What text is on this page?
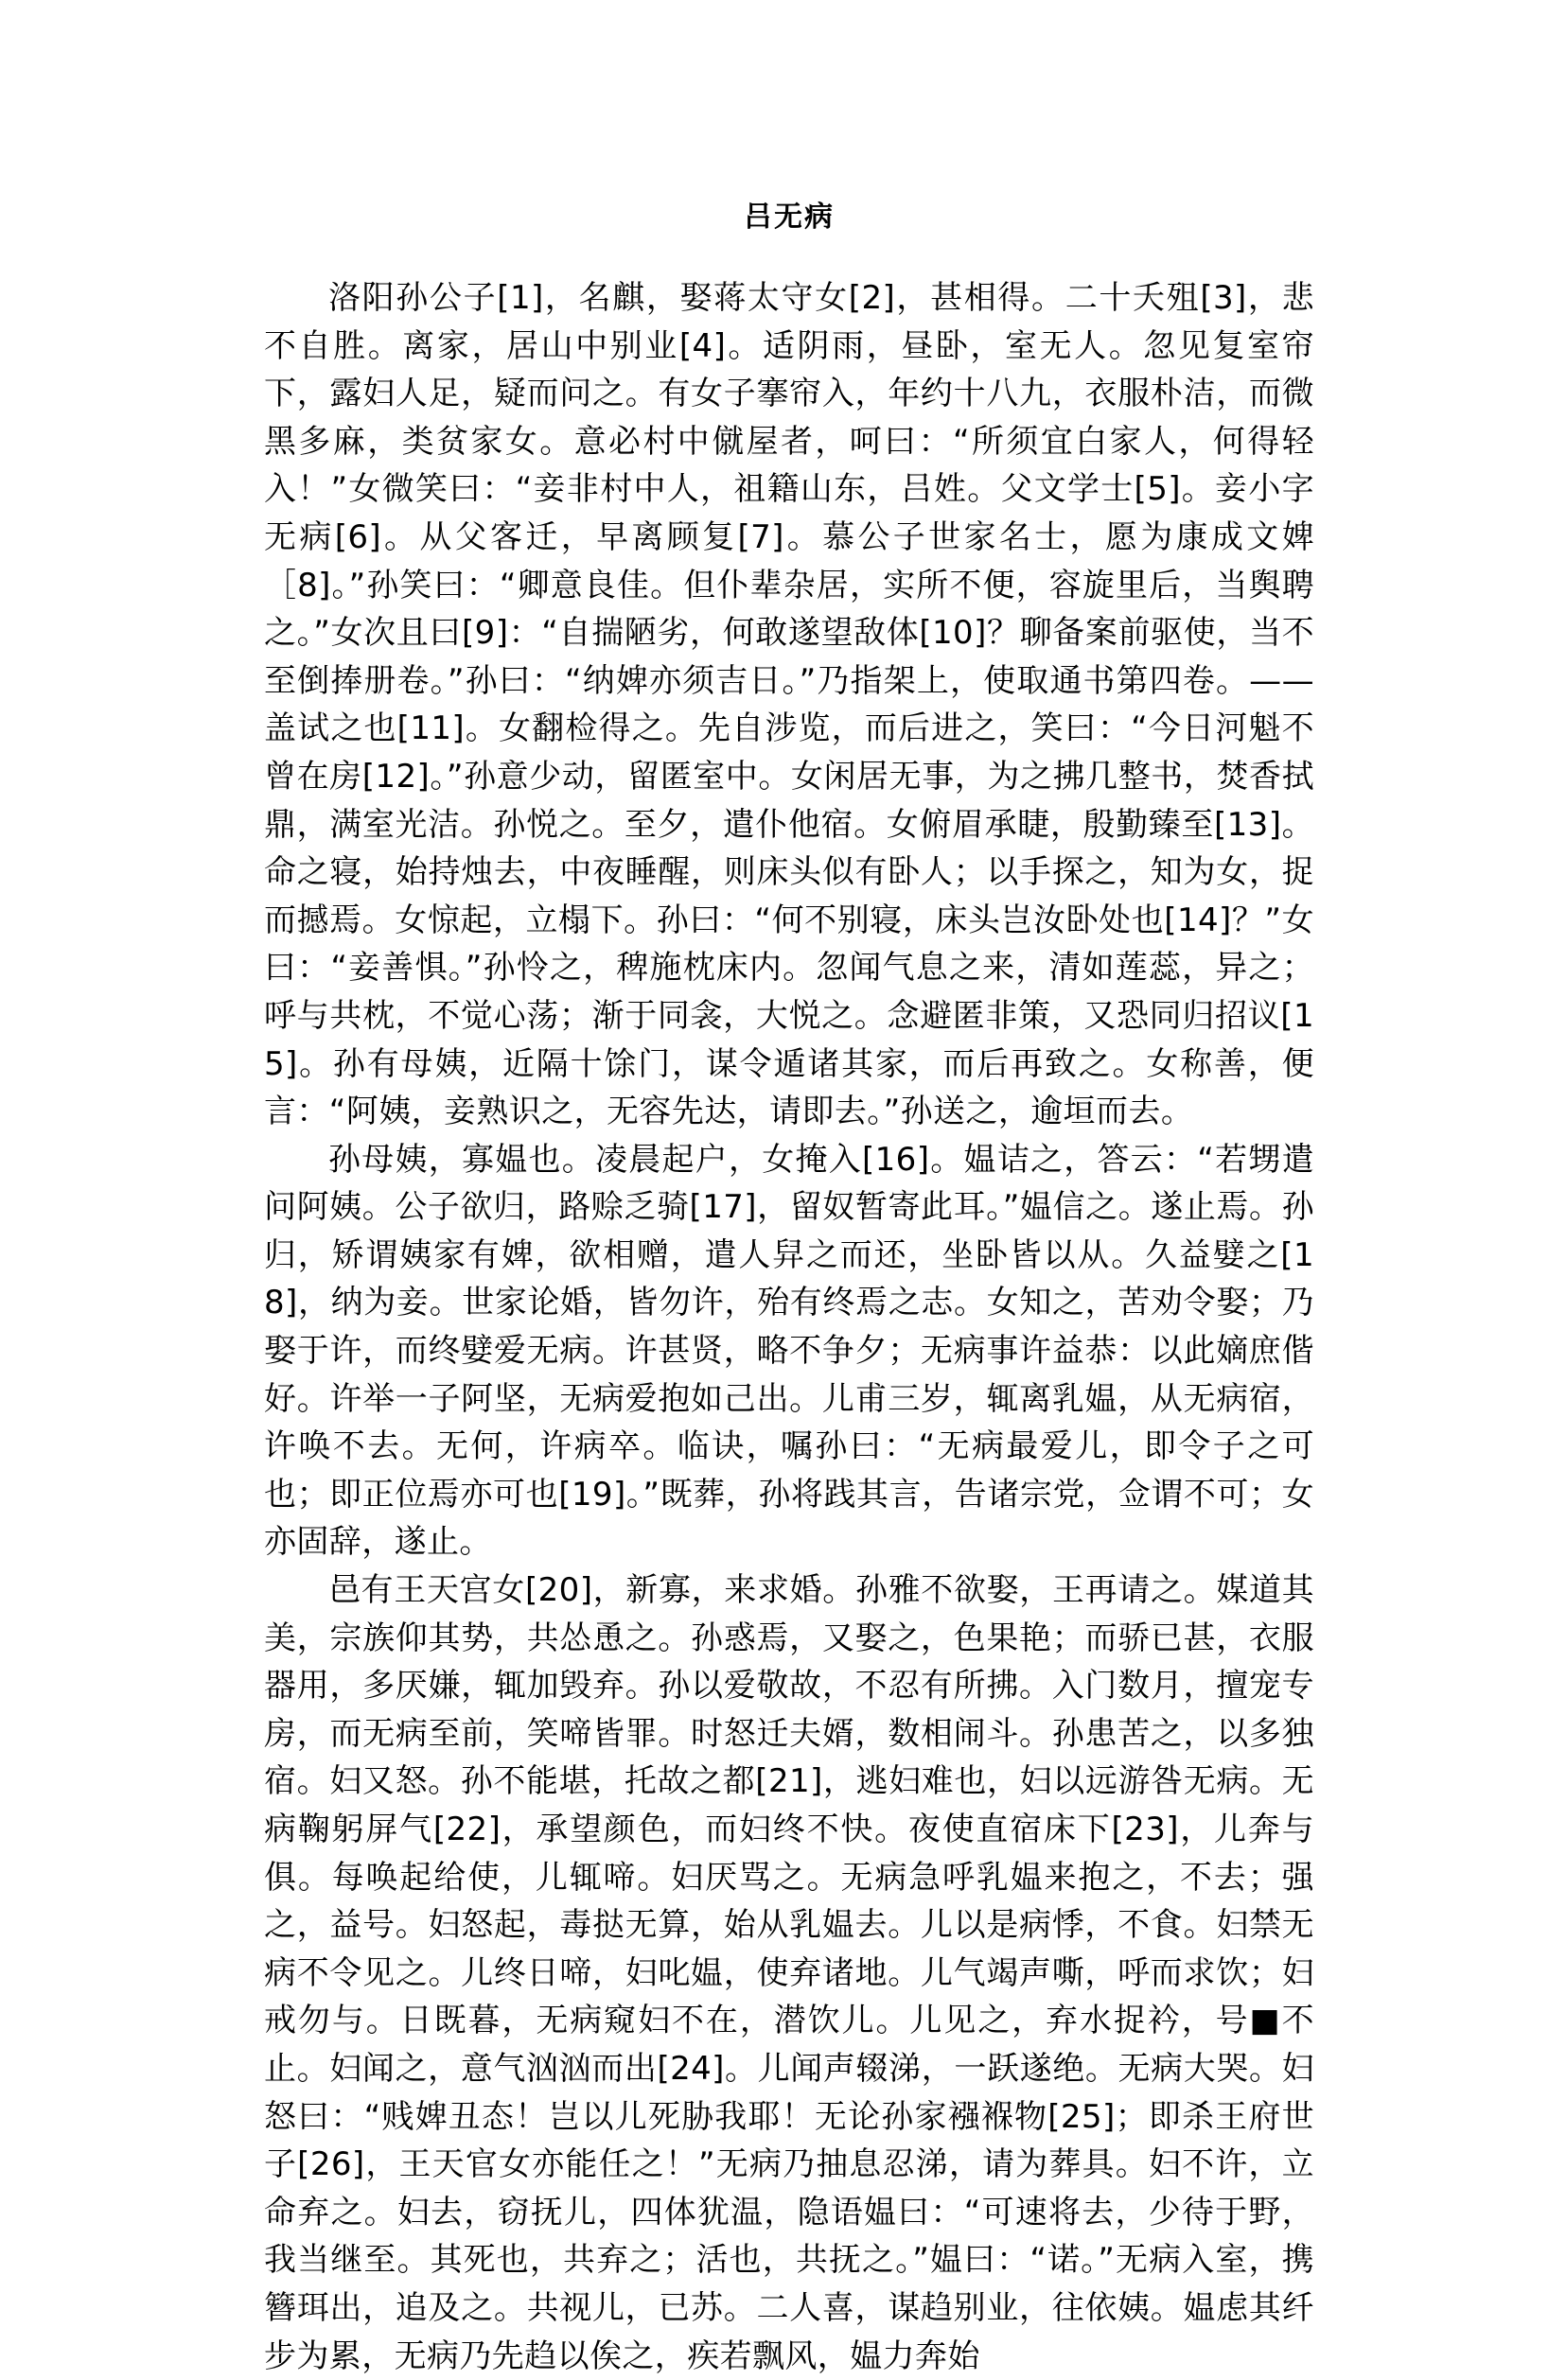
吕无病

洛阳孙公子[1]，名麒，娶蒋太守女[2]，甚相得。二十夭殂[3]，悲不自胜。离家，居山中别业[4]。适阴雨，昼卧，室无人。忽见复室帘下，露妇人足，疑而问之。有女子搴帘入，年约十八九，衣服朴洁，而微黑多麻，类贫家女。意必村中僦屋者，呵曰：“所须宜白家人，何得轻入！”女微笑曰：“妾非村中人，祖籍山东，吕姓。父文学士[5]。妾小字无病[6]。从父客迁，早离顾复[7]。慕公子世家名士，愿为康成文婢［8]。”孙笑曰：“卿意良佳。但仆辈杂居，实所不便，容旋里后，当舆聘之。”女次且曰[9]：“自揣陋劣，何敢遂望敌体[10]？聊备案前驱使，当不至倒捧册卷。”孙曰：“纳婢亦须吉日。”乃指架上，使取通书第四卷。——盖试之也[11]。女翻检得之。先自涉览，而后进之，笑曰：“今日河魁不曾在房[12]。”孙意少动，留匿室中。女闲居无事，为之拂几整书，焚香拭鼎，满室光洁。孙悦之。至夕，遣仆他宿。女俯眉承睫，殷勤臻至[13]。命之寝，始持烛去，中夜睡醒，则床头似有卧人；以手探之，知为女，捉而撼焉。女惊起，立榻下。孙曰：“何不别寝，床头岂汝卧处也[14]？”女曰：“妾善惧。”孙怜之，稗施枕床内。忽闻气息之来，清如莲蕊，异之；呼与共枕，不觉心荡；渐于同衾，大悦之。念避匿非策，又恐同归招议[15]。孙有母姨，近隔十馀门，谋令遁诸其家，而后再致之。女称善，便言：“阿姨，妾熟识之，无容先达，请即去。”孙送之，逾垣而去。

孙母姨，寡媪也。凌晨起户，女掩入[16]。媪诘之，答云：“若甥遣问阿姨。公子欲归，路赊乏骑[17]，留奴暂寄此耳。”媪信之。遂止焉。孙归，矫谓姨家有婢，欲相赠，遣人舁之而还，坐卧皆以从。久益嬖之[18]，纳为妾。世家论婚，皆勿许，殆有终焉之志。女知之，苦劝令娶；乃娶于许，而终嬖爱无病。许甚贤，略不争夕；无病事许益恭：以此嫡庶偕好。许举一子阿坚，无病爱抱如己出。儿甫三岁，辄离乳媪，从无病宿，许唤不去。无何，许病卒。临诀，嘱孙曰：“无病最爱儿，即令子之可也；即正位焉亦可也[19]。”既葬，孙将践其言，告诸宗党，佥谓不可；女亦固辞，遂止。

邑有王天宫女[20]，新寡，来求婚。孙雅不欲娶，王再请之。媒道其美，宗族仰其势，共怂恿之。孙惑焉，又娶之，色果艳；而骄已甚，衣服器用，多厌嫌，辄加毁弃。孙以爱敬故，不忍有所拂。入门数月，擅宠专房，而无病至前，笑啼皆罪。时怒迁夫婿，数相闹斗。孙患苦之，以多独宿。妇又怒。孙不能堪，托故之都[21]，逃妇难也，妇以远游咎无病。无病鞠躬屏气[22]，承望颜色，而妇终不快。夜使直宿床下[23]，儿奔与俱。每唤起给使，儿辄啼。妇厌骂之。无病急呼乳媪来抱之，不去；强之，益号。妇怒起，毒挞无算，始从乳媪去。儿以是病悸，不食。妇禁无病不令见之。儿终日啼，妇叱媪，使弃诸地。儿气竭声嘶，呼而求饮；妇戒勿与。日既暮，无病窥妇不在，潜饮儿。儿见之，弃水捉衿，号■不止。妇闻之，意气汹汹而出[24]。儿闻声辍涕，一跃遂绝。无病大哭。妇怒曰：“贱婢丑态！岂以儿死胁我耶！无论孙家襁褓物[25]；即杀王府世子[26]，王天官女亦能任之！”无病乃抽息忍涕，请为葬具。妇不许，立命弃之。妇去，窃抚儿，四体犹温，隐语媪曰：“可速将去，少待于野，我当继至。其死也，共弃之；活也，共抚之。”媪曰：“诺。”无病入室，携簪珥出，追及之。共视儿，已苏。二人喜，谋趋别业，往依姨。媪虑其纤步为累，无病乃先趋以俟之，疾若飘风，媪力奔始
